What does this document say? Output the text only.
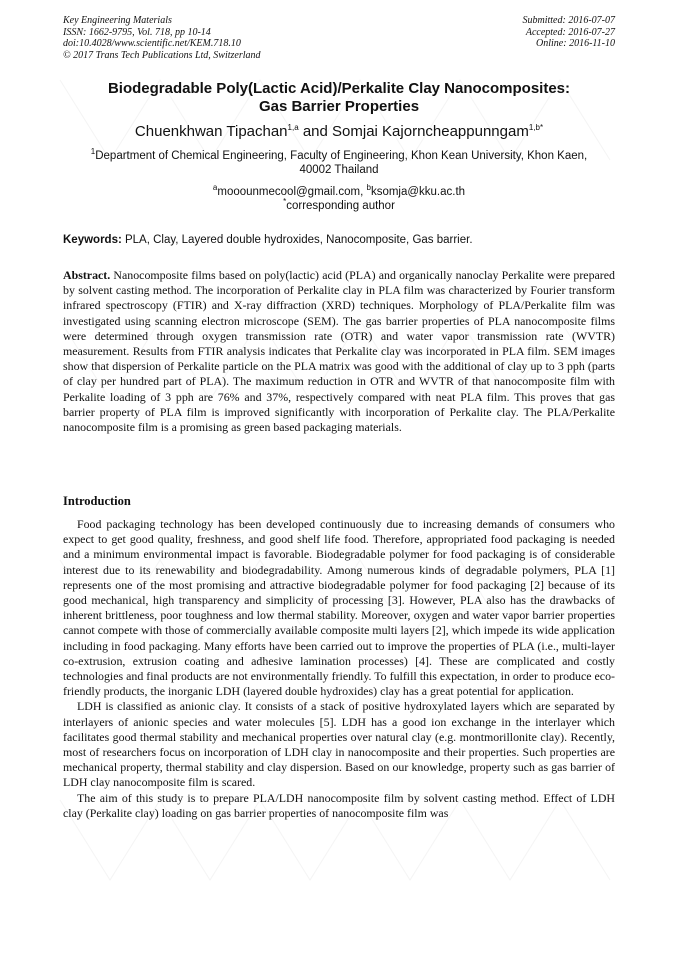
Key Engineering Materials
ISSN: 1662-9795, Vol. 718, pp 10-14
doi:10.4028/www.scientific.net/KEM.718.10
© 2017 Trans Tech Publications Ltd, Switzerland
Submitted: 2016-07-07
Accepted: 2016-07-27
Online: 2016-11-10
Biodegradable Poly(Lactic Acid)/Perkalite Clay Nanocomposites:
Gas Barrier Properties
Chuenkhwan Tipachan$^{1,a}$ and Somjai Kajorncheappunngam$^{1,b*}$
$^1$Department of Chemical Engineering, Faculty of Engineering, Khon Kean University, Khon Kaen,
40002 Thailand
$^a$mooounmecool@gmail.com, $^b$ksomja@kku.ac.th
*corresponding author
Keywords: PLA, Clay, Layered double hydroxides, Nanocomposite, Gas barrier.
Abstract. Nanocomposite films based on poly(lactic) acid (PLA) and organically nanoclay Perkalite were prepared by solvent casting method. The incorporation of Perkalite clay in PLA film was characterized by Fourier transform infrared spectroscopy (FTIR) and X-ray diffraction (XRD) techniques. Morphology of PLA/Perkalite film was investigated using scanning electron microscope (SEM). The gas barrier properties of PLA nanocomposite films were determined through oxygen transmission rate (OTR) and water vapor transmission rate (WVTR) measurement. Results from FTIR analysis indicates that Perkalite clay was incorporated in PLA film. SEM images show that dispersion of Perkalite particle on the PLA matrix was good with the additional of clay up to 3 pph (parts of clay per hundred part of PLA). The maximum reduction in OTR and WVTR of that nanocomposite film with Perkalite loading of 3 pph are 76% and 37%, respectively compared with neat PLA film. This proves that gas barrier property of PLA film is improved significantly with incorporation of Perkalite clay. The PLA/Perkalite nanocomposite film is a promising as green based packaging materials.
Introduction

Food packaging technology has been developed continuously due to increasing demands of consumers who expect to get good quality, freshness, and good shelf life food. Therefore, appropriated food packaging is needed and a minimum environmental impact is favorable. Biodegradable polymer for food packaging is of considerable interest due to its renewability and biodegradability. Among numerous kinds of degradable polymers, PLA [1] represents one of the most promising and attractive biodegradable polymer for food packaging [2] because of its good mechanical, high transparency and simplicity of processing [3]. However, PLA also has the drawbacks of inherent brittleness, poor toughness and low thermal stability. Moreover, oxygen and water vapor barrier properties cannot compete with those of commercially available composite multi layers [2], which impede its wide application including in food packaging. Many efforts have been carried out to improve the properties of PLA (i.e., multi-layer co-extrusion, extrusion coating and adhesive lamination processes) [4]. These are complicated and costly technologies and final products are not environmentally friendly. To fulfill this expectation, in order to produce eco-friendly products, the inorganic LDH (layered double hydroxides) clay has a great potential for application.

LDH is classified as anionic clay. It consists of a stack of positive hydroxylated layers which are separated by interlayers of anionic species and water molecules [5]. LDH has a good ion exchange in the interlayer which facilitates good thermal stability and mechanical properties over natural clay (e.g. montmorillonite clay). Recently, most of researchers focus on incorporation of LDH clay in nanocomposite and their properties. Such properties are mechanical property, thermal stability and clay dispersion. Based on our knowledge, property such as gas barrier of LDH clay nanocomposite film is scared.

The aim of this study is to prepare PLA/LDH nanocomposite film by solvent casting method. Effect of LDH clay (Perkalite clay) loading on gas barrier properties of nanocomposite film was
